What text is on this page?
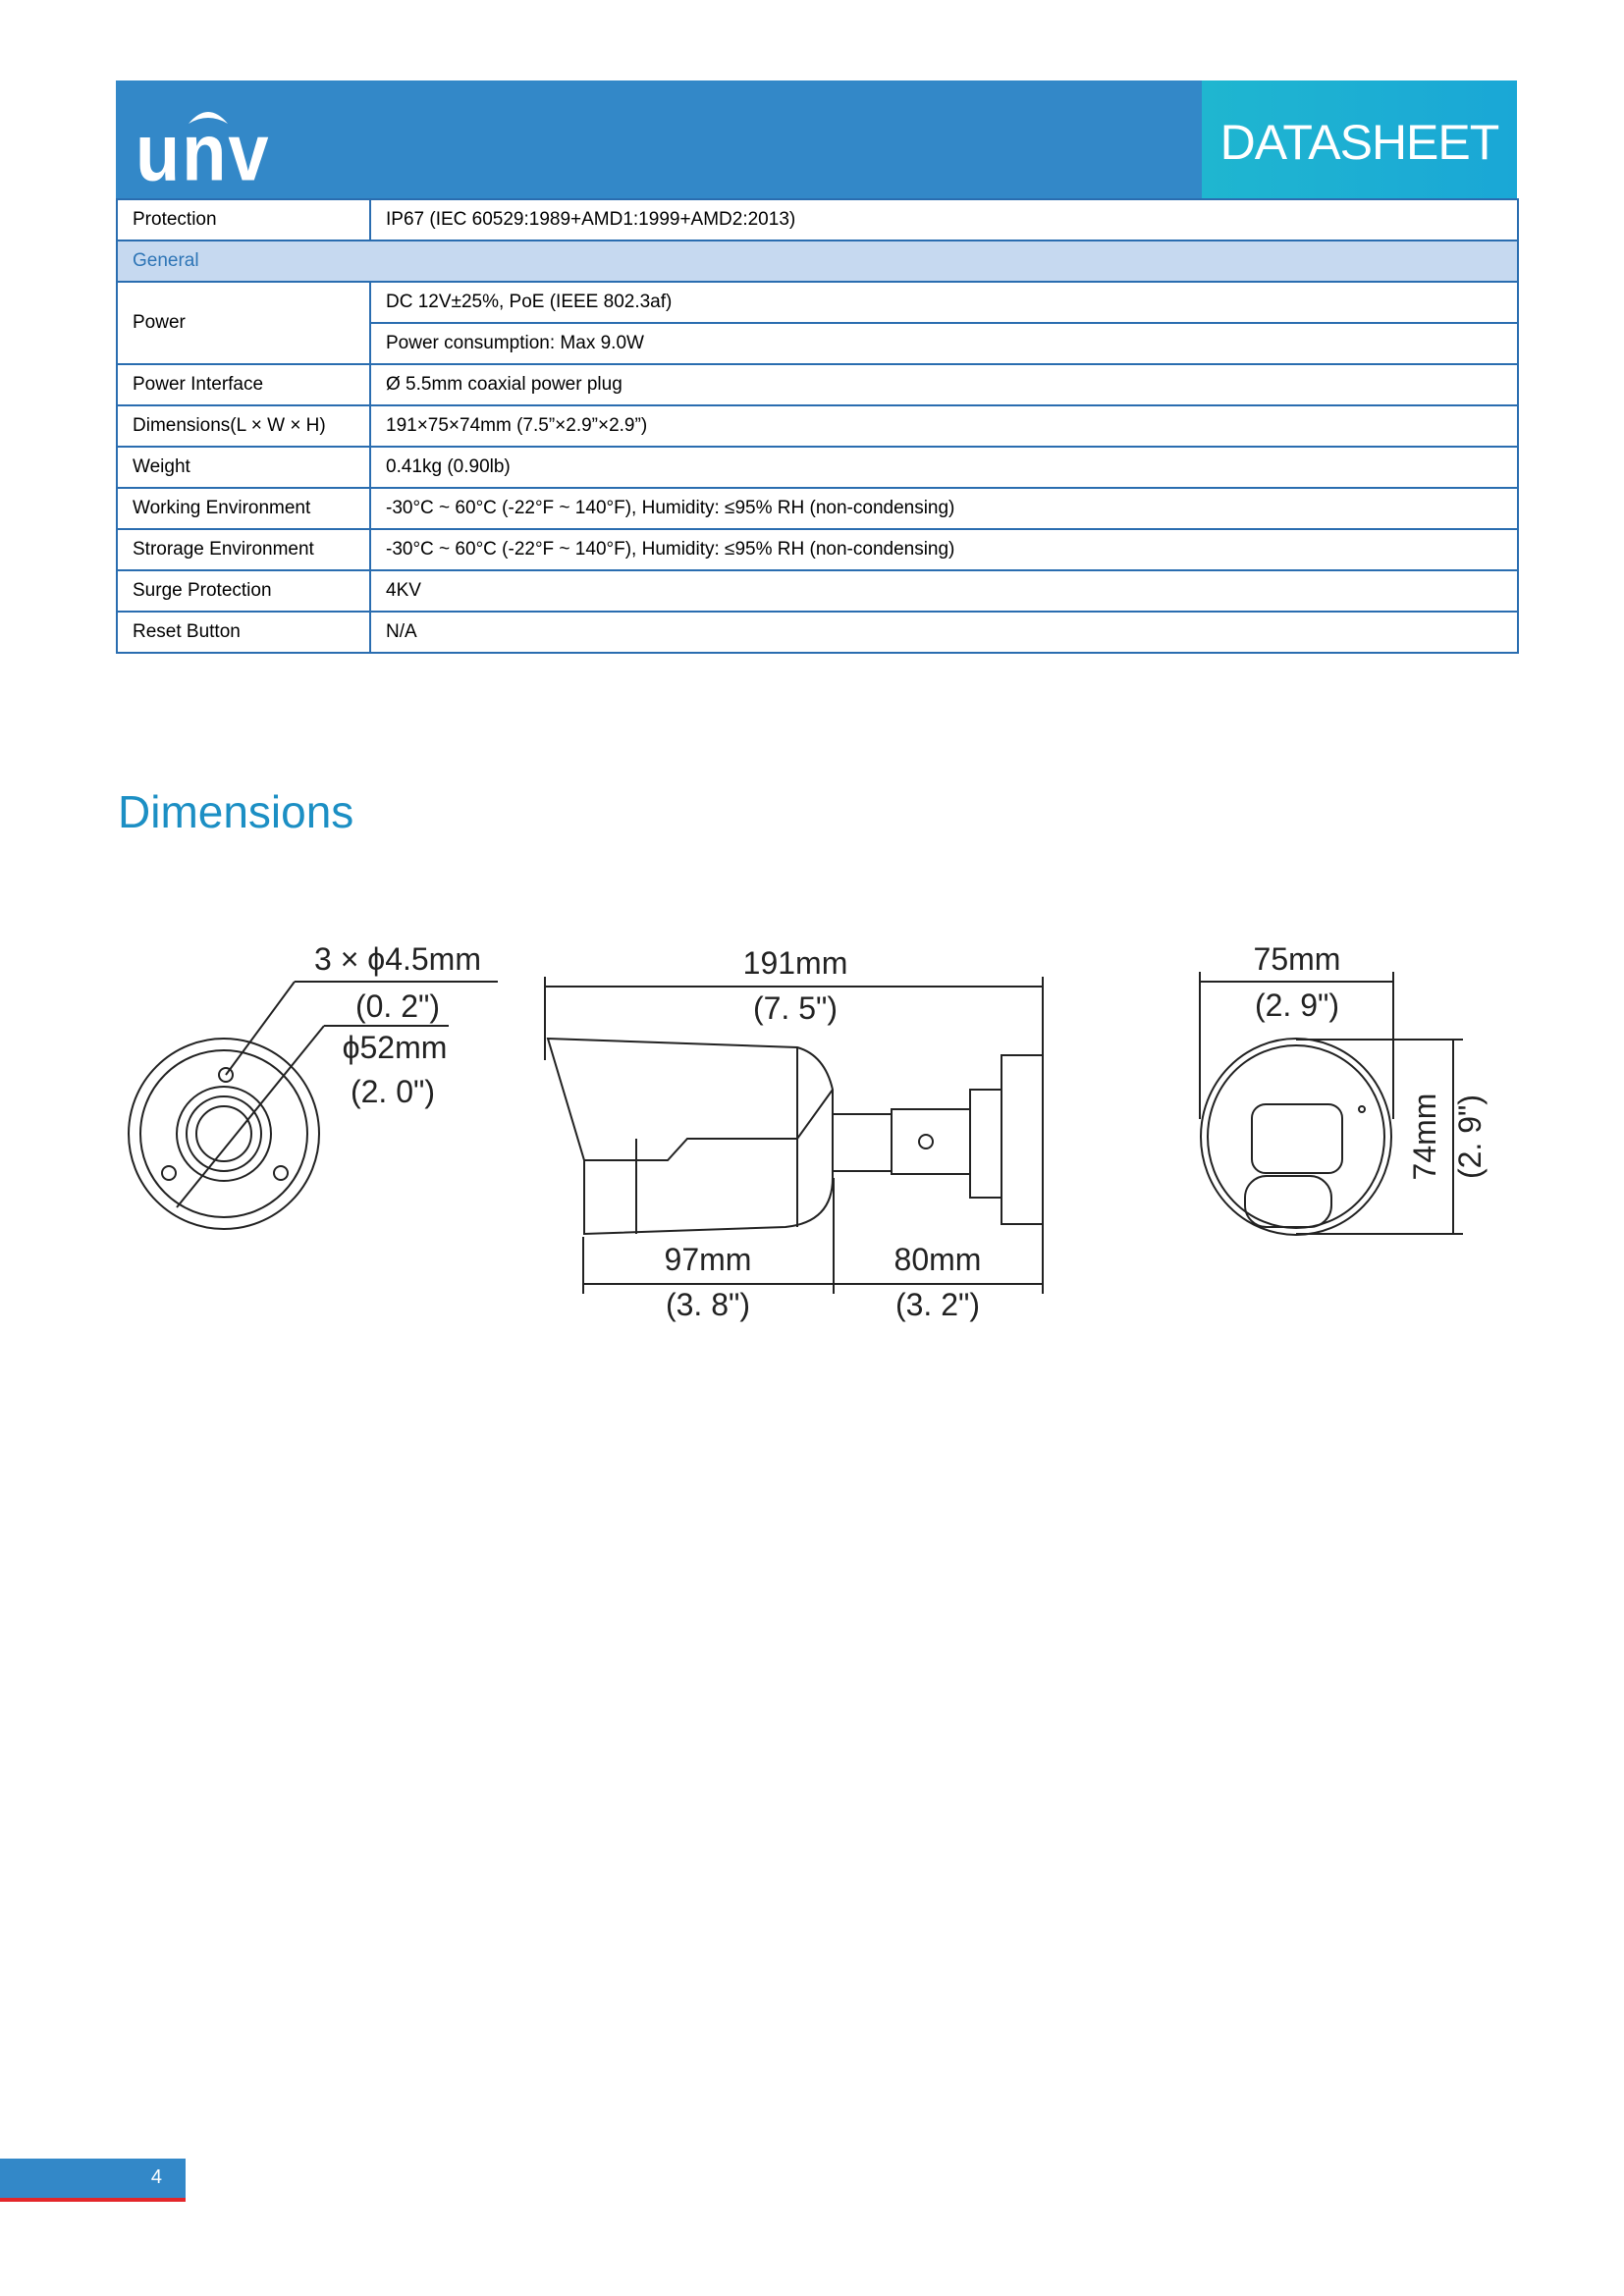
unv	DATASHEET
Protection	IP67 (IEC 60529:1989+AMD1:1999+AMD2:2013)
General	
Power	DC 12V±25%, PoE (IEEE 802.3af)
	Power consumption: Max 9.0W
Power Interface	Ø 5.5mm coaxial power plug
Dimensions(L × W × H)	191×75×74mm (7.5”×2.9”×2.9”)
Weight	0.41kg (0.90lb)
Working Environment	-30°C ~ 60°C (-22°F ~ 140°F), Humidity: ≤95% RH (non-condensing)
Strorage Environment	-30°C ~ 60°C (-22°F ~ 140°F), Humidity: ≤95% RH (non-condensing)
Surge Protection	4KV
Reset Button	N/A
Dimensions
3 × ϕ4.5mm
(0. 2")
ϕ52mm
(2. 0")
191mm
(7. 5")
97mm
(3. 8")
80mm
(3. 2")
75mm
(2. 9")
74mm (2. 9")
4
